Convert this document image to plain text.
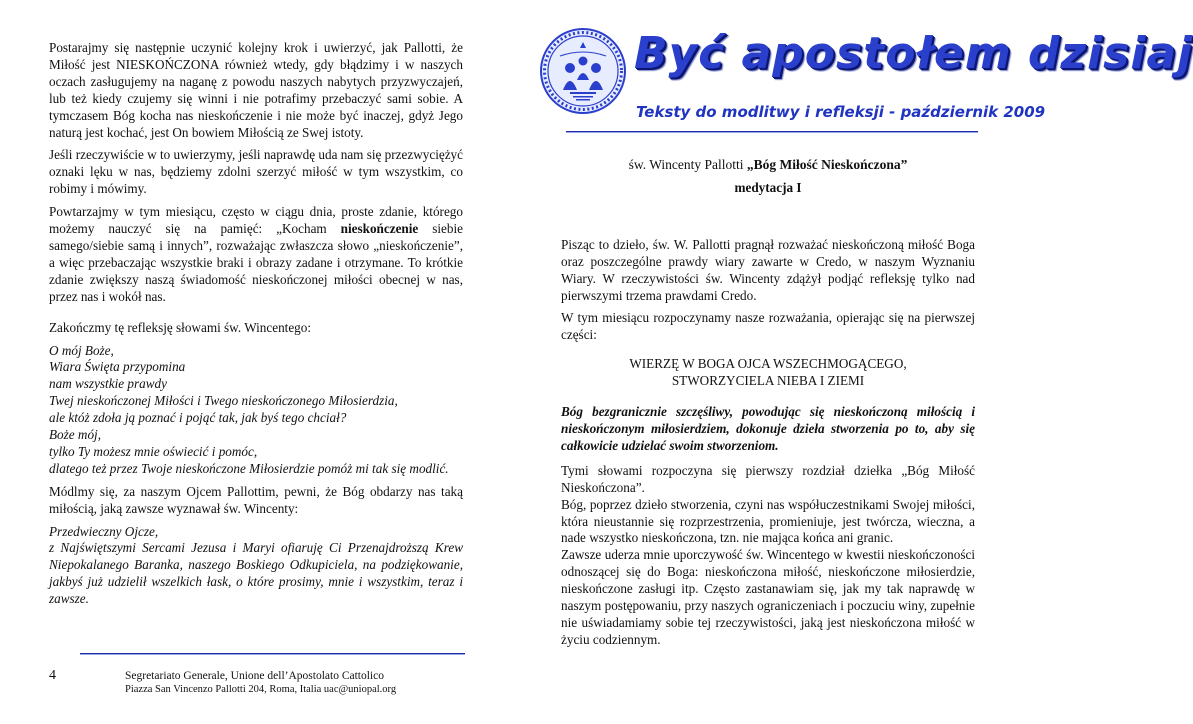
Postarajmy się następnie uczynić kolejny krok i uwierzyć, jak Pallotti, że Miłość jest NIESKOŃCZONA również wtedy, gdy błądzimy i w naszych oczach zasługujemy na naganę z powodu naszych nabytych przyzwyczajeń, lub też kiedy czujemy się winni i nie potrafimy przebaczyć sami sobie. A tymczasem Bóg kocha nas nieskończenie i nie może być inaczej, gdyż Jego naturą jest kochać, jest On bowiem Miłością ze Swej istoty.

Jeśli rzeczywiście w to uwierzymy, jeśli naprawdę uda nam się przezwyciężyć oznaki lęku w nas, będziemy zdolni szerzyć miłość w tym wszystkim, co robimy i mówimy.

Powtarzajmy w tym miesiącu, często w ciągu dnia, proste zdanie, którego możemy nauczyć się na pamięć: „Kocham nieskończenie siebie samego/siebie samą i innych”, rozważając zwłaszcza słowo „nieskończenie”, a więc przebaczając wszystkie braki i obrazy zadane i otrzymane. To krótkie zdanie zwiększy naszą świadomość nieskończonej miłości obecnej w nas, przez nas i wokół nas.

Zakończmy tę refleksję słowami św. Wincentego:

O mój Boże,
Wiara Święta przypomina
nam wszystkie prawdy
Twej nieskończonej Miłości i Twego nieskończonego Miłosierdzia,
ale któż zdoła ją poznać i pojąć tak, jak byś tego chciał?
Boże mój,
tylko Ty możesz mnie oświecić i pomóc,
dlatego też przez Twoje nieskończone Miłosierdzie pomóż mi tak się modlić.

Módlmy się, za naszym Ojcem Pallottim, pewni, że Bóg obdarzy nas taką miłością, jaką zawsze wyznawał św. Wincenty:

Przedwieczny Ojcze,
z Najświętszymi Sercami Jezusa i Maryi ofiaruję Ci Przenajdroższą Krew Niepokalanego Baranka, naszego Boskiego Odkupiciela, na podziękowanie, jakbyś już udzielił wszelkich łask, o które prosimy, mnie i wszystkim, teraz i zawsze.

4	Segretariato Generale, Unione dell’Apostolato Cattolico
Piazza San Vincenzo Pallotti 204, Roma, Italia uac@uniopal.org
Być apostołem dzisiaj
Teksty do modlitwy i refleksji - październik 2009

św. Wincenty Pallotti „Bóg Miłość Nieskończona”

medytacja I

Pisząc to dzieło, św. W. Pallotti pragnął rozważać nieskończoną miłość Boga oraz poszczególne prawdy wiary zawarte w Credo, w naszym Wyznaniu Wiary. W rzeczywistości św. Wincenty zdążył podjąć refleksję tylko nad pierwszymi trzema prawdami Credo.

W tym miesiącu rozpoczynamy nasze rozważania, opierając się na pierwszej części:

WIERZĘ W BOGA OJCA WSZECHMOGĄCEGO,
STWORZYCIELA NIEBA I ZIEMI

Bóg bezgranicznie szczęśliwy, powodując się nieskończoną miłością i nieskończonym miłosierdziem, dokonuje dzieła stworzenia po to, aby się całkowicie udzielać swoim stworzeniom.

Tymi słowami rozpoczyna się pierwszy rozdział dziełka „Bóg Miłość Nieskończona”.

Bóg, poprzez dzieło stworzenia, czyni nas współuczestnikami Swojej miłości, która nieustannie się rozprzestrzenia, promieniuje, jest twórcza, wieczna, a nade wszystko nieskończona, tzn. nie mająca końca ani granic.

Zawsze uderza mnie uporczywość św. Wincentego w kwestii nieskończoności odnoszącej się do Boga: nieskończona miłość, nieskończone miłosierdzie, nieskończone zasługi itp. Często zastanawiam się, jak my tak naprawdę w naszym postępowaniu, przy naszych ograniczeniach i poczuciu winy, zupełnie nie uświadamiamy sobie tej rzeczywistości, jaką jest nieskończona miłość w życiu codziennym.
